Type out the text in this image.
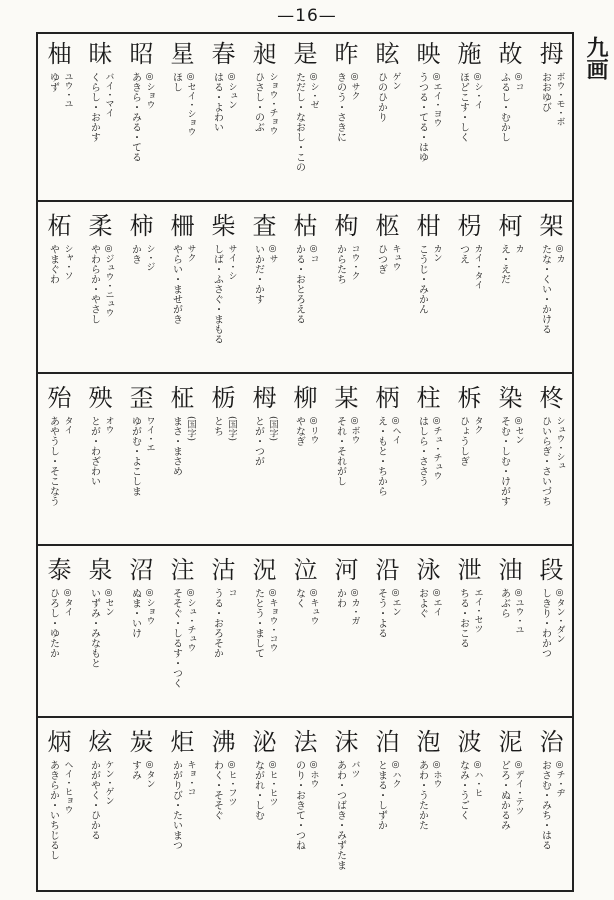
—16—
九画
拇
ボウ・モ・ボ
おおゆび
故
◎コ
ふるし・むかし
施
◎シ・イ
ほどこす・しく
映
◎エイ・ヨウ
うつる・てる・はゆ
眩
ゲン
ひのひかり
昨
◎サク
きのう・さきに
是
◎シ・ゼ
ただし・なおし・この
昶
ショウ・チョウ
ひさし・のぶ
春
◎シュン
はる・よわい
星
◎セイ・ショウ
ほし
昭
◎ショウ
あきら・みる・てる
昧
バイ・マイ
くらし・おかす
柚
ユウ・ユ
ゆず
架
◎カ
たな・くい・かける
柯
カ
え・えだ
枴
カイ・タイ
つえ
柑
カン
こうじ・みかん
柩
キュウ
ひつぎ
枸
コウ・ク
からたち
枯
◎コ
かる・おとろえる
査
◎サ
いかだ・かす
柴
サイ・シ
しば・ふさぐ・まもる
柵
サク
やらい・ませがき
柿
シ・ジ
かき
柔
◎ジュウ・ニュウ
やわらか・やさし
柘
シャ・ソ
やまぐわ
柊
シュウ・シュ
ひいらぎ・さいづち
染
◎セン
そむ・しむ・けがす
柝
タク
ひょうしぎ
柱
◎チュ・チュウ
はしら・ささう
柄
◎ヘイ
え・もと・ちから
某
◎ボウ
それ・それがし
柳
◎リウ
やなぎ
栂
(国字)
とが・つが
栃
(国字)
とち
柾
(国字)
まさ・まさめ
歪
ワイ・エ
ゆがむ・よこしま
殃
オウ
とが・わざわい
殆
タイ
あやうし・そこなう
段
◎タン・ダン
しきり・わかつ
油
◎ユウ・ユ
あぶら
泄
エイ・セツ
ちる・おこる
泳
◎エイ
およぐ
沿
◎エン
そう・よる
河
◎カ・ガ
かわ
泣
◎キュウ
なく
況
◎キョウ・コウ
たとう・まして
沽
コ
うる・おろそか
注
◎シュ・チュウ
そそぐ・しるす・つく
沼
◎ショウ
ぬま・いけ
泉
◎セン
いずみ・みなもと
泰
◎タイ
ひろし・ゆたか
治
◎チ・ヂ
おさむ・みち・はる
泥
◎デイ・テツ
どろ・ぬかるみ
波
◎ハ・ヒ
なみ・うごく
泡
◎ホウ
あわ・うたかた
泊
◎ハク
とまる・しずか
沫
バツ
あわ・つばき・みずたま
法
◎ホウ
のり・おきて・つね
泌
◎ヒ・ヒツ
ながれ・しむ
沸
◎ヒ・フツ
わく・そそぐ
炬
キョ・コ
かがりび・たいまつ
炭
◎タン
すみ
炫
ケン・ゲン
かがやく・ひかる
炳
ヘイ・ヒョウ
あきらか・いちじるし
